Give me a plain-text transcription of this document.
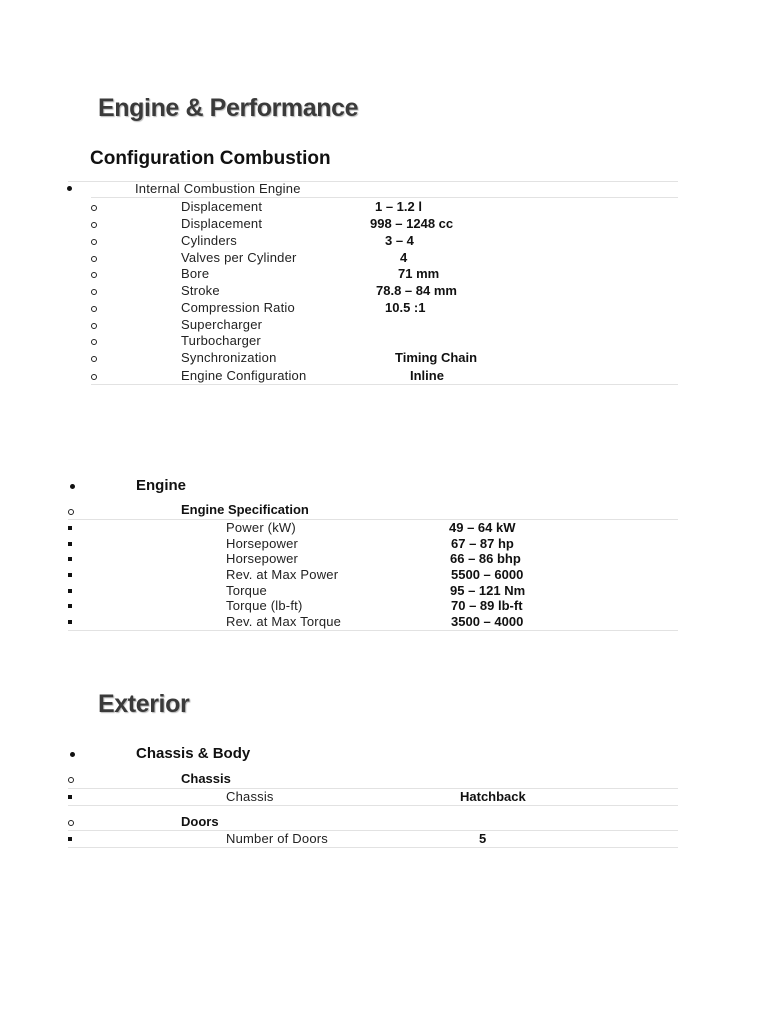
Engine & Performance
Configuration Combustion
Internal Combustion Engine
Displacement	1 – 1.2 l
Displacement	998 – 1248 cc
Cylinders	3 – 4
Valves per Cylinder	4
Bore	71 mm
Stroke	78.8 – 84 mm
Compression Ratio	10.5 :1
Supercharger
Turbocharger
Synchronization	Timing Chain
Engine Configuration	Inline
Engine
Engine Specification
Power (kW)	49 – 64 kW
Horsepower	67 – 87 hp
Horsepower	66 – 86 bhp
Rev. at Max Power	5500 – 6000
Torque	95 – 121 Nm
Torque (lb-ft)	70 – 89 lb-ft
Rev. at Max Torque	3500 – 4000
Exterior
Chassis & Body
Chassis
Chassis	Hatchback
Doors
Number of Doors	5
